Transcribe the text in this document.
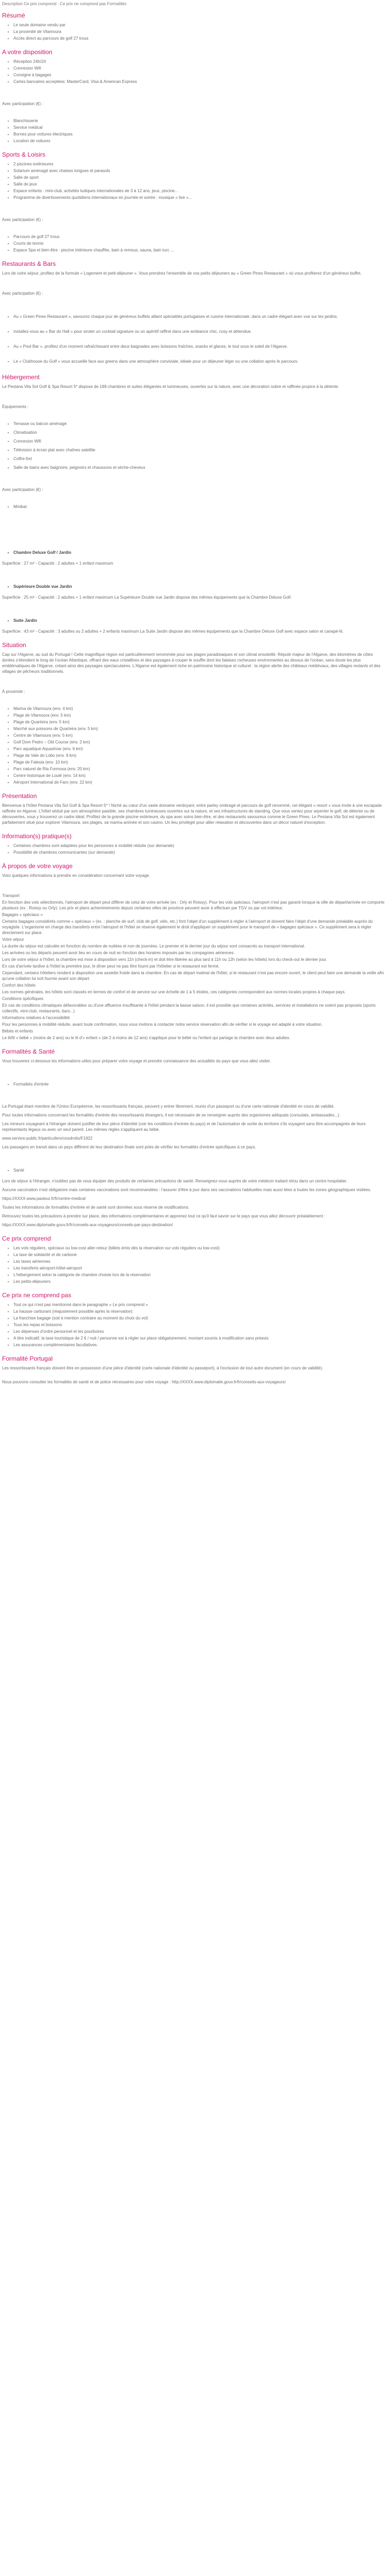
Description Ce prix comprend : Ce prix ne comprend pas Formalités
Résumé
• Le seule domaine vendu par
• La proximité de Vilamoura
• Accès direct au parcours de golf 27 trous
A votre disposition
• Réception 24h/24
• Connexion Wifi
• Consigne à bagages
• Cartes bancaires acceptées: MasterCard, Visa & American Express

Avec participation (€) :

• Blanchisserie
• Service médical
• Bornes pour voitures électriques
• Location de voitures
Sports & Loisirs
• 2 piscines extérieures
• Solarium aménagé avec chaises longues et parasols
• Salle de sport
• Salle de jeux
• Espace enfants : mini-club, activités ludiques internationales de 3 à 12 ans, jeux, piscine...
• Programme de divertissements quotidiens internationaux en journée et soirée : musique « live »...

Avec participation (€) :

• Parcours de golf 27 trous
• Courts de tennis
• Espace Spa et bien-être : piscine intérieure chauffée, bain à remous, sauna, bain turc ...
Restaurants & Bars

Lors de votre séjour, profitez de la formule « Logement et petit-déjeuner ». Vous prendrez l'ensemble de vos petits déjeuners au « Green Pines Restaurant » où vous profiterez d'un généreux buffet.

Avec participation (€) :

• Au « Green Pines Restaurant », savourez chaque jour de généreux buffets alliant spécialités portugaises et cuisine internationale, dans un cadre élégant avec vue sur les jardins.
• Installez-vous au « Bar do Hall » pour siroter un cocktail signature ou un apéritif raffiné dans une ambiance chic, cosy et détendue.
• Au « Pool Bar », profitez d'un moment rafraîchissant entre deux baignades avec boissons fraîches, snacks et glaces, le tout sous le soleil de l'Algarve.
• Le « Clubhouse du Golf » vous accueille face aux greens dans une atmosphère conviviale, idéale pour un déjeuner léger ou une collation après le parcours.
Hébergement

Le Pestana Vila Sol Golf & Spa Resort 5* dispose de 189 chambres et suites élégantes et lumineuses, ouvertes sur la nature, avec une décoration sobre et raffinée propice à la détente.

Équipements :

• Terrasse ou balcon aménagé
• Climatisation
• Connexion Wifi
• Télévision à écran plat avec chaînes satellite
• Coffre-fort
• Salle de bains avec baignoire, peignoirs et chaussons et sèche-cheveux

Avec participation (€) :

• Minibar
• Chambre Deluxe Golf / Jardin

Superficie : 27 m² - Capacité : 2 adultes + 1 enfant maximum

• Supérieure Double vue Jardin

Superficie : 25 m² - Capacité : 2 adultes + 1 enfant maximum La Supérieure Double vue Jardin dispose des mêmes équipements que la Chambre Deluxe Golf.

• Suite Jardin

Superficie : 43 m² - Capacité : 3 adultes ou 2 adultes + 2 enfants maximum La Suite Jardin dispose des mêmes équipements que la Chambre Deluxe Golf avec espace salon et canapé-lit.

Situation

Cap sur l'Algarve, au sud du Portugal ! Cette magnifique région est particulièrement renommée pour ses plages paradisiaques et son climat ensoleillé. Réputé majeur de l'Algarve, des kilomètres de côtes dorées s'étendent le long de l'océan Atlantique, offrant des eaux cristallines et des paysages à couper le souffle dont les falaises rocheuses environnantes au dessus de l'océan, sans doute les plus emblématiques de l'Algarve, créant ainsi des paysages spectaculaires. L'Algarve est également riche en patrimoine historique et culturel : la région abrite des châteaux médiévaux, des villages restants et des villages de pêcheurs traditionnels.

À proximité :

• Marina de Vilamoura (env. 4 km)
• Plage de Vilamoura (env. 5 km)
• Plage de Quarteira (env. 5 km)
• Marché aux poissons de Quarteira (env. 5 km)
• Centre de Vilamoura (env. 5 km)
• Golf Dom Pedro – Old Course (env. 2 km)
• Parc aquatique Aquashow (env. 6 km)
• Plage de Vale do Lobo (env. 9 km)
• Plage de Falesia (env. 10 km)
• Parc naturel de Ria Formosa (env. 20 km)
• Centre historique de Loulé (env. 14 km)
• Aéroport International de Faro (env. 22 km)
Présentation

Bienvenue à l'hôtel Pestana Vila Sol Golf & Spa Resort 5* ! Niché au cœur d'un vaste domaine verdoyant, entre parley ombragé et parcours de golf renommé, cet élégant « resort » vous invite à une escapade raffinée en Algarve. L'hôtel séduit par son atmosphère paisible, ses chambres lumineuses ouvertes sur la nature, et ses infrastructures de standing. Que vous veniez pour arpenter le golf, de détente ou de découvertes, vous y trouverez un cadre idéal. Profitez de la grande piscine extérieure, du spa avec soins bien-être, et des restaurants savoureux comme le Green Pines. Le Pestana Vila Sol est également parfaitement situé pour explorer Vilamoura, ses plages, sa marina animée et son casino. Un lieu privilégié pour allier relaxation et découvertes dans un décor naturel d'exception.

Information(s) pratique(s)
• Certaines chambres sont adaptées pour les personnes à mobilité réduite (sur demande)
• Possibilité de chambres communicantes (sur demande)
À propos de votre voyage

Voici quelques informations à prendre en considération concernant votre voyage.

Transport

En fonction des vols sélectionnés, l'aéroport de départ peut différer de celui de votre arrivée (ex : Orly et Roissy). Pour les vols spéciaux, l'aéroport n'est pas garanti lorsque la ville de départ/arrivée en comporte plusieurs (ex : Roissy ou Orly). Les prix et plans acheminements depuis certaines villes de province peuvent avoir à effectuer par TGV ou par vol intérieur.

Bagages « spéciaux »

Certains bagages considérés comme « spéciaux » (ex. : planche de surf, club de golf, vélo, etc.) font l'objet d'un supplément à régler à l'aéroport et doivent faire l'objet d'une demande préalable auprès du voyagiste. L'organisme en charge des transferts entre l'aéroport et l'hôtel se réserve également le droit d'appliquer un supplément pour le transport de « bagages spéciaux ». Ce supplément sera à régler directement sur place.

Votre séjour

La durée du séjour est calculée en fonction du nombre de nuitées et non de journées. Le premier et le dernier jour du séjour sont consacrés au transport international.

Les arrivées ou les départs peuvent avoir lieu en cours de nuit en fonction des horaires imposés par les compagnies aériennes.

Lors de votre séjour à l'hôtel, la chambre est mise à disposition vers 11h (check-in) et doit être libérée au plus tard à 11h ou 12h (selon les hôtels) lors du check-out le dernier jour.

En cas d'arrivée tardive à l'hôtel la première jour, le dîner peut ne pas être fourni par l'hôtelier si le restaurant est fermé.

Cependant, certains hôteliers rendent à disposition une assiette froide dans la chambre. En cas de départ matinal de l'hôtel, si le restaurant n'est pas encore ouvert, le client peut faire une demande la veille afin qu'une collation lui soit fournie avant son départ.

Confort des hôtels

Les normes générales, les hôtels sont classés en termes de confort et de service sur une échelle de 1 à 5 étoiles, ces catégories correspondent aux normes locales propres à chaque pays.

Conditions spécifiques

En cas de conditions climatiques défavorables ou d'une affluence insuffisante à l'hôtel pendant la basse saison, il est possible que certaines activités, services et installations ne soient pas proposés (sports collectifs, mini-club, restaurants, bars...)

Informations relatives à l'accessibilité

Pour les personnes à mobilité réduite, avant toute confirmation, nous vous invitons à contacter notre service réservation afin de vérifier si le voyage est adapté à votre situation.

Bébés et enfants

Le lit/lit « bébé » (moins de 2 ans) ou le lit d'« enfant » (de 2 à moins de 12 ans) s'applique pour le bébé ou l'enfant qui partage la chambre avec deux adultes.

Formalités & Santé

Vous trouverez ci-dessous les informations utiles pour préparer votre voyage et prendre connaissance des actualités du pays que vous allez visiter.

• Formalités d'entrée

La Portugal étant membre de l'Union Européenne, les ressortissants français, peuvent y entrer librement, munis d'un passeport ou d'une carte nationale d'identité en cours de validité.

Pour toutes informations concernant les formalités d'entrée des ressortissants étrangers, il est nécessaire de se renseigner auprès des organismes adéquats (consulats, ambassades...).

Les mineurs voyageant à l'étranger doivent justifier de leur pièce d'identité (voir les conditions d'entrée du pays) et de l'autorisation de sortie du territoire s'ils voyagent sans être accompagnés de leurs représentants légaux ou avec un seul parent. Les mêmes règles s'appliquent au bébé.

www.service-public.fr/particuliers/vosdroits/F1922

Les passagers en transit dans un pays différent de leur destination finale sont priés de vérifier les formalités d'entrée spécifiques à ce pays.

• Santé

Lors de séjour à l'étranger, n'oubliez pas de vous équiper des produits de certaines précautions de santé. Renseignez-vous auprès de votre médecin traitant et/ou dans un centre hospitalier.

Aucune vaccination n'est obligatoire mais certaines vaccinations sont recommandées : l'assurer d'être à jour dans ses vaccinations habituelles mais aussi liées à toutes les zones géographiques visitées.

https://XXXX.www.pasteur.fr/fr/centre-medical

Toutes les informations de formalités d'entrée et de santé sont données sous réserve de modifications.

Retrouvez toutes les précautions à prendre sur place, des informations complémentaires et apprenez tout ce qu'il faut savoir sur le pays que vous allez découvrir préalablement :

https://XXXX.www.diplomatie.gouv.fr/fr/conseils-aux-voyageurs/conseils-par-pays-destination/

Ce prix comprend
• Les vols réguliers, spéciaux ou low-cost aller-retour (billets émis dès la réservation sur vols réguliers ou low-cost)
• La taxe de solidarité et de carbone
• Les taxes aériennes
• Les transferts aéroport-hôtel-aéroport
• L'hébergement selon la catégorie de chambre choisie lors de la réservation
• Les petits-déjeuners
Ce prix ne comprend pas
• Tout ce qui n'est pas mentionné dans le paragraphe « Le prix comprend »
• La hausse carburant (réajustement possible après la réservation)
• La franchise bagage (soit à mention contraire au moment du choix du vol)
• Tous les repas et boissons
• Les dépenses d'ordre personnel et les pourboires
• A titre indicatif, la taxe touristique de 2 € / nuit / personne est à régler sur place obligatoirement, montant soumis à modification sans préavis
• Les assurances complémentaires facultatives.
Formalité Portugal

Les ressortissants français doivent être en possession d'une pièce d'identité (carte nationale d'identité ou passeport), à l'exclusion de tout autre document (en cours de validité).

Nous pouvons consulter les formalités de santé et de police nécessaires pour votre voyage : http://XXXX.www.diplomatie.gouv.fr/fr/conseils-aux-voyageurs/
